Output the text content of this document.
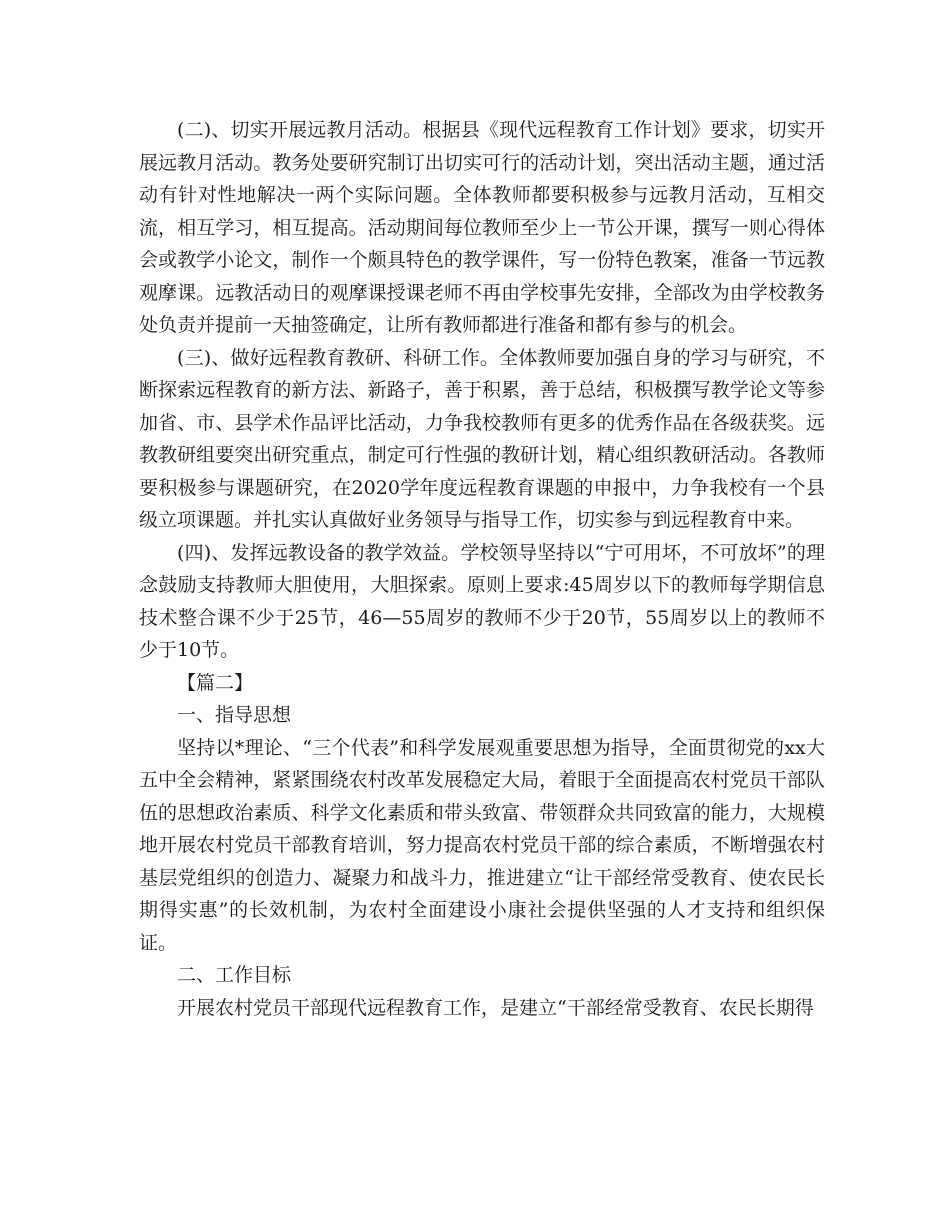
(二)、切实开展远教月活动。根据县《现代远程教育工作计划》要求，切实开展远教月活动。教务处要研究制订出切实可行的活动计划，突出活动主题，通过活动有针对性地解决一两个实际问题。全体教师都要积极参与远教月活动，互相交流，相互学习，相互提高。活动期间每位教师至少上一节公开课，撰写一则心得体会或教学小论文，制作一个颇具特色的教学课件，写一份特色教案，准备一节远教观摩课。远教活动日的观摩课授课老师不再由学校事先安排，全部改为由学校教务处负责并提前一天抽签确定，让所有教师都进行准备和都有参与的机会。

(三)、做好远程教育教研、科研工作。全体教师要加强自身的学习与研究，不断探索远程教育的新方法、新路子，善于积累，善于总结，积极撰写教学论文等参加省、市、县学术作品评比活动，力争我校教师有更多的优秀作品在各级获奖。远教教研组要突出研究重点，制定可行性强的教研计划，精心组织教研活动。各教师要积极参与课题研究，在2020学年度远程教育课题的申报中，力争我校有一个县级立项课题。并扎实认真做好业务领导与指导工作，切实参与到远程教育中来。

(四)、发挥远教设备的教学效益。学校领导坚持以“宁可用坏，不可放坏”的理念鼓励支持教师大胆使用，大胆探索。原则上要求:45周岁以下的教师每学期信息技术整合课不少于25节，46—55周岁的教师不少于20节，55周岁以上的教师不少于10节。

【篇二】

一、指导思想

坚持以*理论、“三个代表”和科学发展观重要思想为指导，全面贯彻党的xx大五中全会精神，紧紧围绕农村改革发展稳定大局，着眼于全面提高农村党员干部队伍的思想政治素质、科学文化素质和带头致富、带领群众共同致富的能力，大规模地开展农村党员干部教育培训，努力提高农村党员干部的综合素质，不断增强农村基层党组织的创造力、凝聚力和战斗力，推进建立“让干部经常受教育、使农民长期得实惠”的长效机制，为农村全面建设小康社会提供坚强的人才支持和组织保证。

二、工作目标

开展农村党员干部现代远程教育工作，是建立“干部经常受教育、农民长期得
